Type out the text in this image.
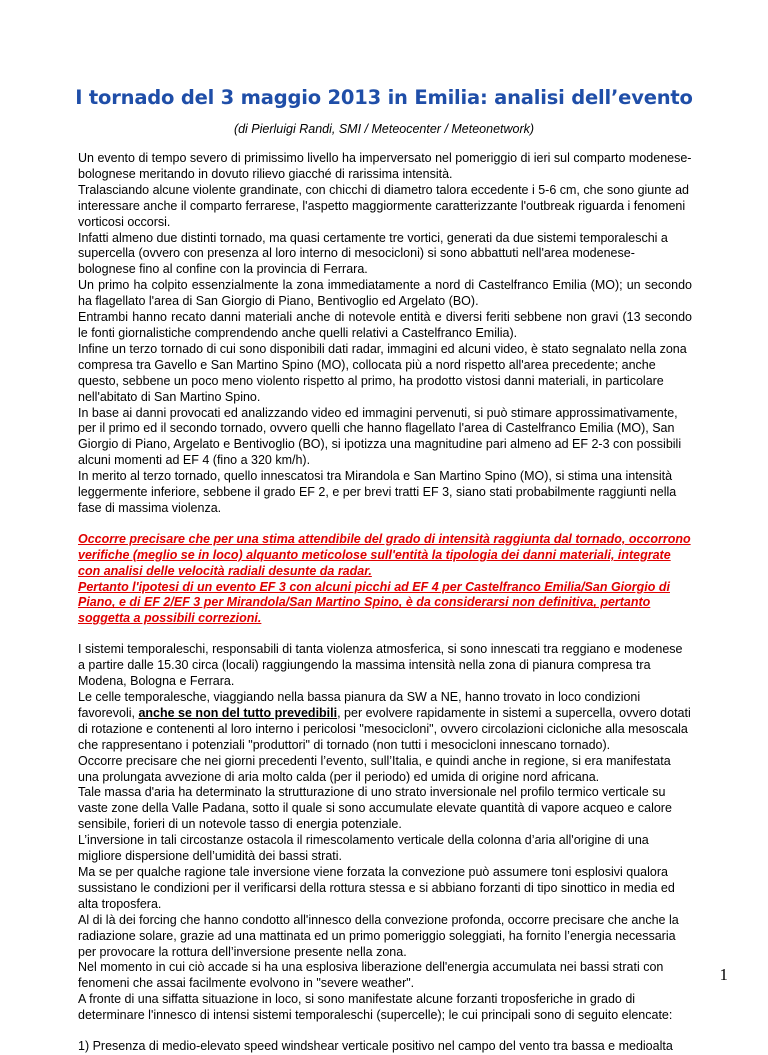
I tornado del 3 maggio 2013 in Emilia: analisi dell’evento
(di Pierluigi Randi, SMI / Meteocenter / Meteonetwork)

Un evento di tempo severo di primissimo livello ha imperversato nel pomeriggio di ieri sul comparto modenese-bolognese meritando in dovuto rilievo giacché di rarissima intensità.

Tralasciando alcune violente grandinate, con chicchi di diametro talora eccedente i 5-6 cm, che sono giunte ad interessare anche il comparto ferrarese, l'aspetto maggiormente caratterizzante l'outbreak riguarda i fenomeni vorticosi occorsi.

Infatti almeno due distinti tornado, ma quasi certamente tre vortici, generati da due sistemi temporaleschi a supercella (ovvero con presenza al loro interno di mesocicloni) si sono abbattuti nell'area modenese-bolognese fino al confine con la provincia di Ferrara.

Un primo ha colpito essenzialmente la zona immediatamente a nord di Castelfranco Emilia (MO); un secondo ha flagellato l'area di San Giorgio di Piano, Bentivoglio ed Argelato (BO).

Entrambi hanno recato danni materiali anche di notevole entità e diversi feriti sebbene non gravi (13 secondo le fonti giornalistiche comprendendo anche quelli relativi a Castelfranco Emilia).

Infine un terzo tornado di cui sono disponibili dati radar, immagini ed alcuni video, è stato segnalato nella zona compresa tra Gavello e San Martino Spino (MO), collocata più a nord rispetto all'area precedente; anche questo, sebbene un poco meno violento rispetto al primo, ha prodotto vistosi danni materiali, in particolare nell'abitato di San Martino Spino.

In base ai danni provocati ed analizzando video ed immagini pervenuti, si può stimare approssimativamente, per il primo ed il secondo tornado, ovvero quelli che hanno flagellato l'area di Castelfranco Emilia (MO), San Giorgio di Piano, Argelato e Bentivoglio (BO), si ipotizza una magnitudine pari almeno ad EF 2-3 con possibili alcuni momenti ad EF 4 (fino a 320 km/h).

In merito al terzo tornado, quello innescatosi tra Mirandola e San Martino Spino (MO), si stima una intensità leggermente inferiore, sebbene il grado EF 2, e per brevi tratti EF 3, siano stati probabilmente raggiunti nella fase di massima violenza.

Occorre precisare che per una stima attendibile del grado di intensità raggiunta dal tornado, occorrono verifiche (meglio se in loco) alquanto meticolose sull'entità la tipologia dei danni materiali, integrate con analisi delle velocità radiali desunte da radar.

Pertanto l'ipotesi di un evento EF 3 con alcuni picchi ad EF 4 per Castelfranco Emilia/San Giorgio di Piano, e di EF 2/EF 3 per Mirandola/San Martino Spino, è da considerarsi non definitiva, pertanto soggetta a possibili correzioni.

I sistemi temporaleschi, responsabili di tanta violenza atmosferica, si sono innescati tra reggiano e modenese a partire dalle 15.30 circa (locali) raggiungendo la massima intensità nella zona di pianura compresa tra Modena, Bologna e Ferrara.

Le celle temporalesche, viaggiando nella bassa pianura da SW a NE, hanno trovato in loco condizioni favorevoli, anche se non del tutto prevedibili, per evolvere rapidamente in sistemi a supercella, ovvero dotati di rotazione e contenenti al loro interno i pericolosi "mesocicloni", ovvero circolazioni cicloniche alla mesoscala che rappresentano i potenziali "produttori" di tornado (non tutti i mesocicloni innescano tornado).

Occorre precisare che nei giorni precedenti l’evento, sull’Italia, e quindi anche in regione, si era manifestata una prolungata avvezione di aria molto calda (per il periodo) ed umida di origine nord africana.

Tale massa d'aria ha determinato la strutturazione di uno strato inversionale nel profilo termico verticale su vaste zone della Valle Padana, sotto il quale si sono accumulate elevate quantità di vapore acqueo e calore sensibile, forieri di un notevole tasso di energia potenziale.

L’inversione in tali circostanze ostacola il rimescolamento verticale della colonna d’aria all'origine di una migliore dispersione dell’umidità dei bassi strati.

Ma se per qualche ragione tale inversione viene forzata la convezione può assumere toni esplosivi qualora sussistano le condizioni per il verificarsi della rottura stessa e si abbiano forzanti di tipo sinottico in media ed alta troposfera.

Al di là dei forcing che hanno condotto all'innesco della convezione profonda, occorre precisare che anche la radiazione solare, grazie ad una mattinata ed un primo pomeriggio soleggiati, ha fornito l’energia necessaria per provocare la rottura dell’inversione presente nella zona.

Nel momento in cui ciò accade si ha una esplosiva liberazione dell'energia accumulata nei bassi strati con fenomeni che assai facilmente evolvono in "severe weather".

A fronte di una siffatta situazione in loco, si sono manifestate alcune forzanti troposferiche in grado di determinare l'innesco di intensi sistemi temporaleschi (supercelle); le cui principali sono di seguito elencate:

1) Presenza di medio-elevato speed windshear verticale positivo nel campo del vento tra bassa e medioalta

1
